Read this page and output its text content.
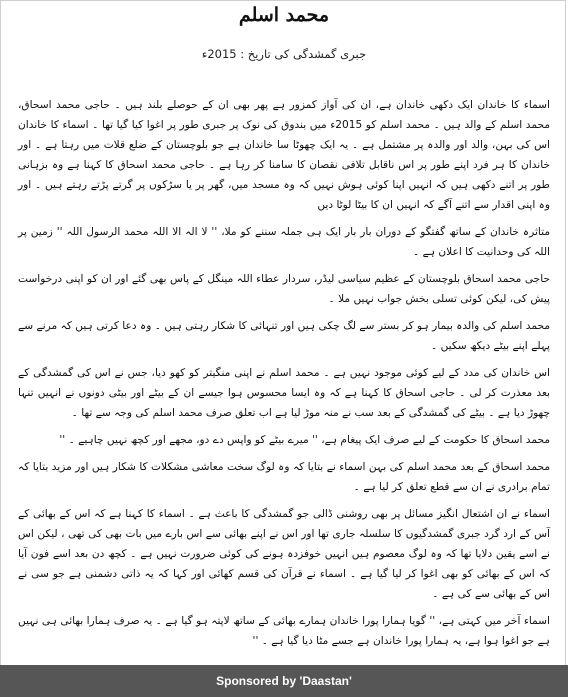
محمد اسلم
جبری گمشدگی کی تاریخ : 2015ء

اسماء کا خاندان ایک دکھی خاندان ہے، ان کی آواز کمزور ہے پھر بھی ان کے حوصلے بلند ہیں ۔ حاجی محمد اسحاق، محمد اسلم کے والد ہیں ۔ محمد اسلم کو 2015ء میں بندوق کی نوک پر جبری طور پر اغوا کیا گیا تھا ۔ اسماء کا خاندان اس کی بہن، والد اور والدہ پر مشتمل ہے ۔ یہ ایک چھوٹا سا خاندان ہے جو بلوچستان کے ضلع قلات میں رہتا ہے ۔ اور خاندان کا ہر فرد اپنے طور پر اس ناقابل تلافی نقصان کا سامنا کر رہا ہے ۔ حاجی محمد اسحاق کا کہنا ہے وہ بزہانی طور پر اتنے دکھی ہیں کہ انہیں اپنا کوئی ہوش نہیں کہ وہ مسجد میں، گھر پر یا سڑکوں پر گرتے پڑتے رہتے ہیں ۔ اور وہ اپنی اقدار سے اتنے آگے کہ انہیں ان کا بیٹا لوٹا دیں

متاثرہ خاندان کے ساتھ گفتگو کے دوران بار بار ایک ہی جملہ سننے کو ملا، '' لا الہ الا اللہ محمد الرسول اللہ '' زمین پر اللہ کی وحدانیت کا اعلان ہے ۔

حاجی محمد اسحاق بلوچستان کے عظیم سیاسی لیڈر، سردار عطاء اللہ مینگل کے پاس بھی گئے اور ان کو اپنی درخواست پیش کی، لیکن کوئی تسلی بخش جواب نہیں ملا ۔

محمد اسلم کی والدہ بیمار ہو کر بستر سے لگ چکی ہیں اور تنہائی کا شکار رہتی ہیں ۔ وہ دعا کرتی ہیں کہ مرنے سے پہلے اپنے بیٹے دیکھ سکیں ۔

اس خاندان کی مدد کے لیے کوئی موجود نہیں ہے ۔ محمد اسلم نے اپنی منگیتر کو کھو دیا، جس نے اس کی گمشدگی کے بعد معذرت کر لی ۔ حاجی اسحاق کا کہنا ہے کہ وہ ایسا محسوس ہوا جیسے ان کے بیٹے اور بیٹی دونوں نے انہیں تنہا چھوڑ دیا ہے ۔ بیٹے کی گمشدگی کے بعد سب نے منہ موڑ لیا ہے اب تعلق صرف محمد اسلم کی وجہ سے تھا ۔

محمد اسحاق کا حکومت کے لیے صرف ایک پیغام ہے، '' میرے بیٹے کو واپس دے دو، مجھے اور کچھ نہیں چاہیے ۔ ''

محمد اسحاق کے بعد محمد اسلم کی بہن اسماء نے بتایا کہ وہ لوگ سخت معاشی مشکلات کا شکار ہیں اور مزید بتایا کہ تمام برادری نے ان سے قطع تعلق کر لیا ہے ۔

اسماء نے ان اشتعال انگیز مسائل پر بھی روشنی ڈالی جو گمشدگی کا باعث ہے ۔ اسماء کا کہنا ہے کہ اس کے بھائی کے آس کے ارد گرد جبری گمشدگیوں کا سلسلہ جاری تھا اور اس نے اپنے بھائی سے اس بارے میں بات بھی کی تھی ، لیکن اس نے اسے یقین دلایا تھا کہ وہ لوگ معصوم ہیں انہیں خوفزدہ ہونے کی کوئی ضرورت نہیں ہے ۔ کچھ دن بعد اسے فون آیا کہ اس کے بھائی کو بھی اغوا کر لیا گیا ہے ۔ اسماء نے قرآن کی قسم کھائی اور کہا کہ یہ ذاتی دشمنی ہے جو سی نے اس کے بھائی سے کی ہے ۔

اسماء آخر میں کہتی ہے، '' گویا ہمارا پورا خاندان ہمارے بھائی کے ساتھ لاپتہ ہو گیا ہے ۔ یہ صرف ہمارا بھائی ہی نہیں ہے جو اغوا ہوا ہے، یہ ہمارا پورا خاندان ہے جسے مٹا دیا گیا ہے ۔ ''

Sponsored by 'Daastan'
